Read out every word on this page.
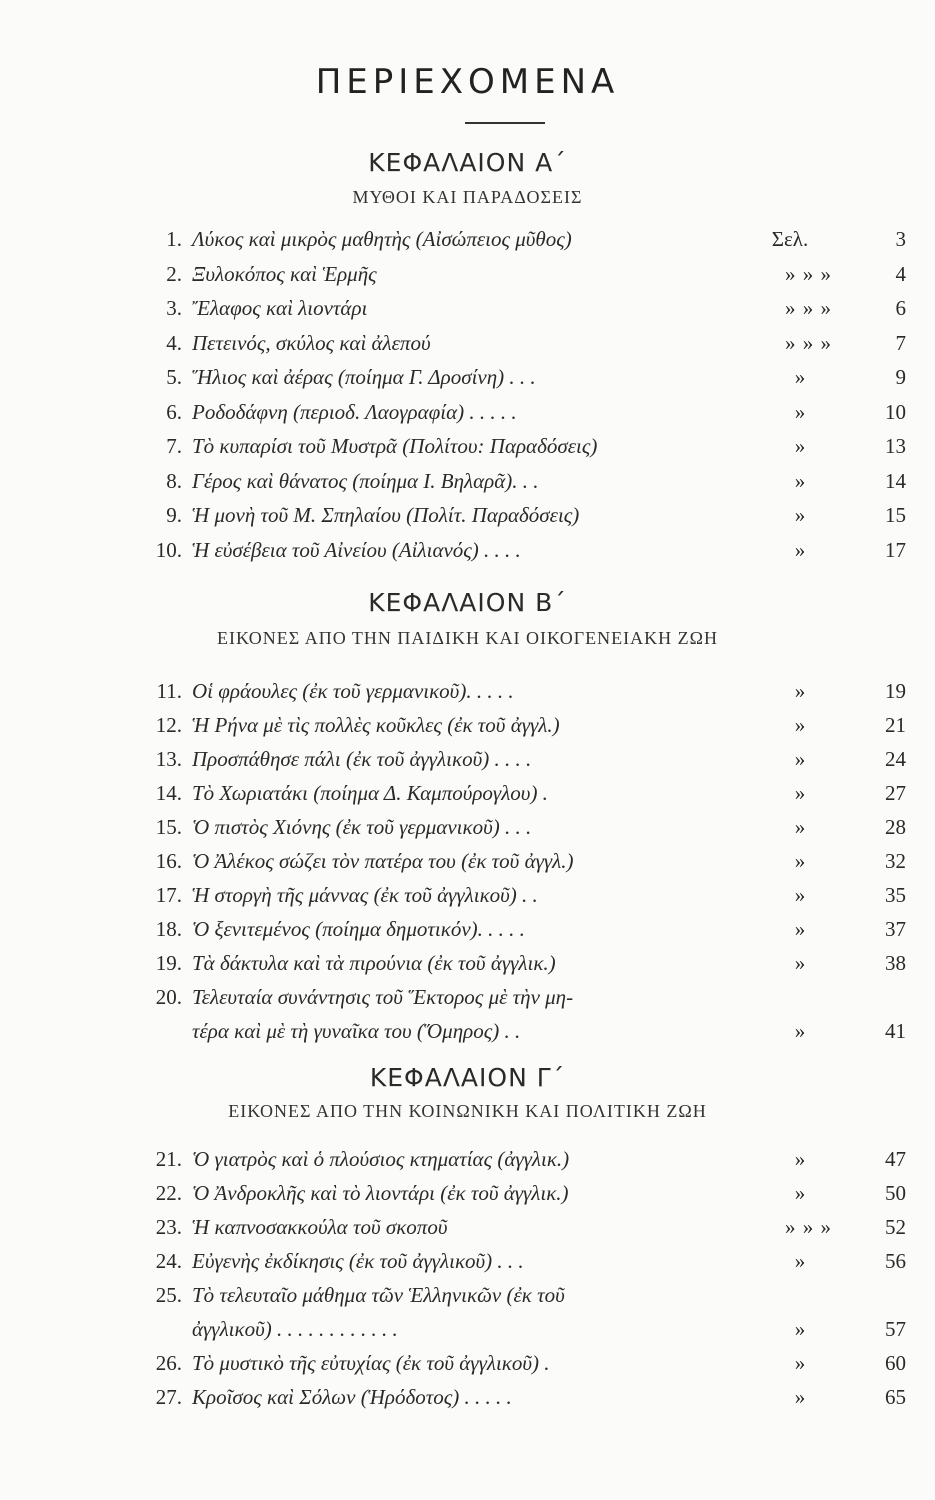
ΠΕΡΙΕΧΟΜΕΝΑ
ΚΕΦΑΛΑΙΟΝ Α΄
ΜΥΘΟΙ ΚΑΙ ΠΑΡΑΔΟΣΕΙΣ
ΚΕΦΑΛΑΙΟΝ Β΄
ΕΙΚΟΝΕΣ ΑΠΟ ΤΗΝ ΠΑΙΔΙΚΗ ΚΑΙ ΟΙΚΟΓΕΝΕΙΑΚΗ ΖΩΗ
ΚΕΦΑΛΑΙΟΝ Γ΄
ΕΙΚΟΝΕΣ ΑΠΟ ΤΗΝ ΚΟΙΝΩΝΙΚΗ ΚΑΙ ΠΟΛΙΤΙΚΗ ΖΩΗ
1. Λύκος καὶ μικρὸς μαθητὴς (Αἰσώπειος μῦθος)	Σελ.	3
2. Ξυλοκόπος καὶ Ἑρμῆς	» » »	4
3. Ἔλαφος καὶ λιοντάρι	» » »	6
4. Πετεινός, σκύλος καὶ ἀλεπού	» » »	7
5. Ἥλιος καὶ ἀέρας (ποίημα Γ. Δροσίνη) . . .	»	9
6. Ροδοδάφνη (περιοδ. Λαογραφία) . . . . .	»	10
7. Τὸ κυπαρίσι τοῦ Μυστρᾶ (Πολίτου: Παραδόσεις)	»	13
8. Γέρος καὶ θάνατος (ποίημα Ι. Βηλαρᾶ). . .	»	14
9. Ἡ μονὴ τοῦ Μ. Σπηλαίου (Πολίτ. Παραδόσεις)	»	15
10. Ἡ εὐσέβεια τοῦ Αἰνείου (Αἰλιανός) . . . .	»	17
11. Οἱ φράουλες (ἐκ τοῦ γερμανικοῦ). . . . .	»	19
12. Ἡ Ρήνα μὲ τὶς πολλὲς κοῦκλες (ἐκ τοῦ ἀγγλ.)	»	21
13. Προσπάθησε πάλι (ἐκ τοῦ ἀγγλικοῦ) . . . .	»	24
14. Τὸ Χωριατάκι (ποίημα Δ. Καμπούρογλου) .	»	27
15. Ὁ πιστὸς Χιόνης (ἐκ τοῦ γερμανικοῦ) . . .	»	28
16. Ὁ Ἀλέκος σώζει τὸν πατέρα του (ἐκ τοῦ ἀγγλ.)	»	32
17. Ἡ στοργὴ τῆς μάννας (ἐκ τοῦ ἀγγλικοῦ) . .	»	35
18. Ὁ ξενιτεμένος (ποίημα δημοτικόν). . . . .	»	37
19. Τὰ δάκτυλα καὶ τὰ πιρούνια (ἐκ τοῦ ἀγγλικ.)	»	38
20. Τελευταία συνάντησις τοῦ Ἕκτορος μὲ τὴν μη-
τέρα καὶ μὲ τὴ γυναῖκα του (Ὅμηρος) . .	»	41
21. Ὁ γιατρὸς καὶ ὁ πλούσιος κτηματίας (ἀγγλικ.)	»	47
22. Ὁ Ἀνδροκλῆς καὶ τὸ λιοντάρι (ἐκ τοῦ ἀγγλικ.)	»	50
23. Ἡ καπνοσακκούλα τοῦ σκοποῦ	» » »	52
24. Εὐγενὴς ἐκδίκησις (ἐκ τοῦ ἀγγλικοῦ) . . .	»	56
25. Τὸ τελευταῖο μάθημα τῶν Ἑλληνικῶν (ἐκ τοῦ
ἀγγλικοῦ) . . . . . . . . . . . .	»	57
26. Τὸ μυστικὸ τῆς εὐτυχίας (ἐκ τοῦ ἀγγλικοῦ) .	»	60
27. Κροῖσος καὶ Σόλων (Ἡρόδοτος) . . . . .	»	65
